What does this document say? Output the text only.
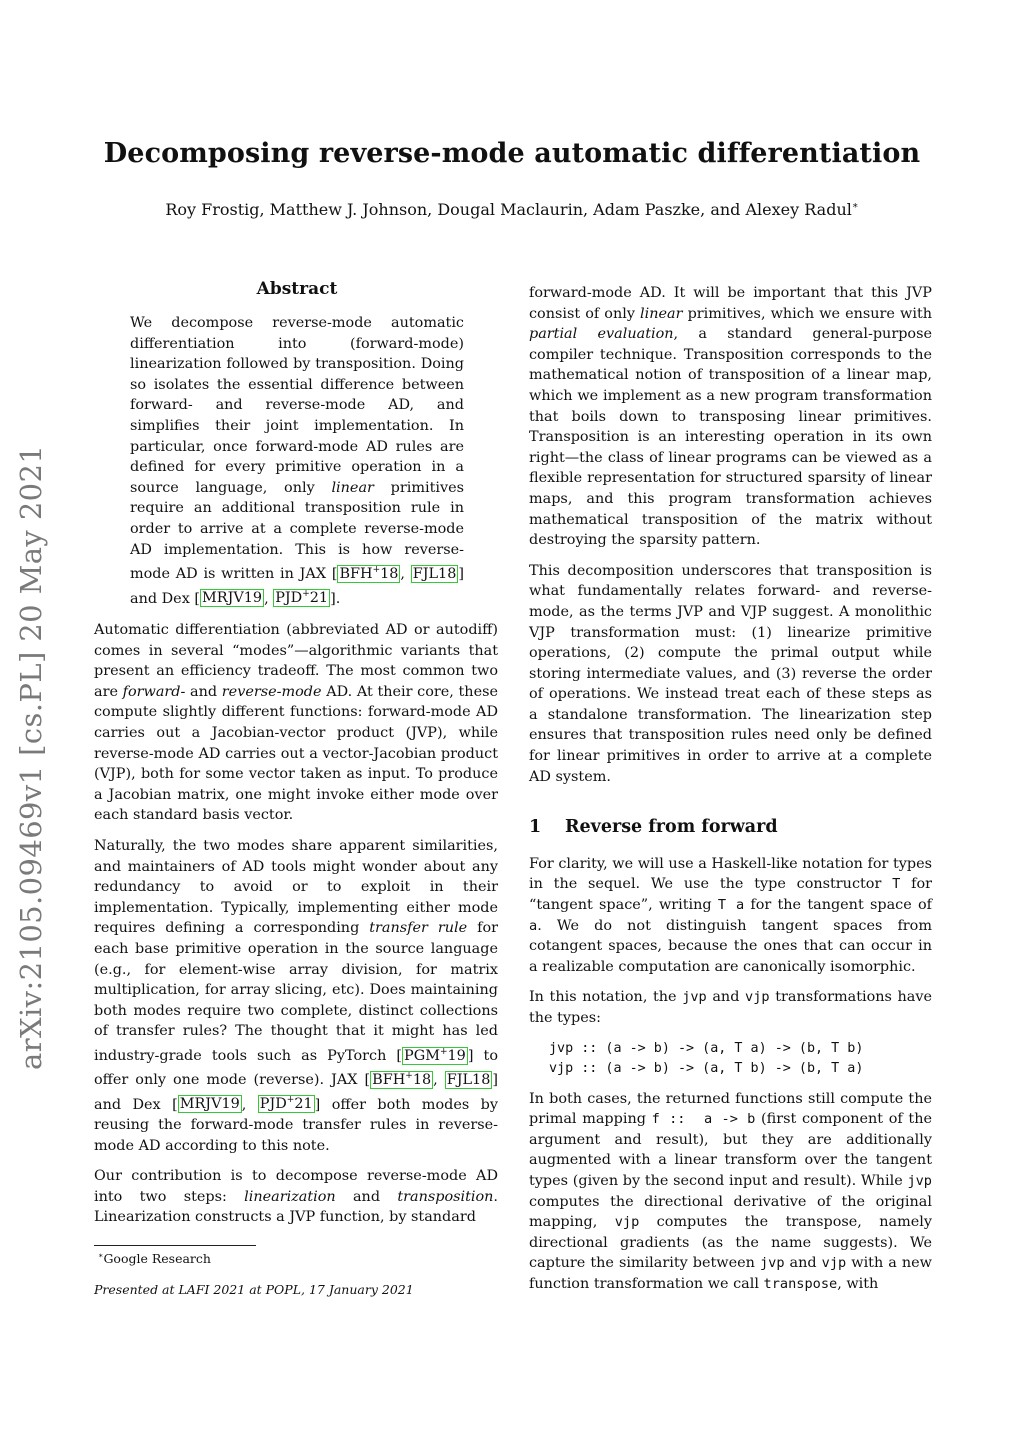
arXiv:2105.09469v1 [cs.PL] 20 May 2021
Decomposing reverse-mode automatic differentiation
Roy Frostig, Matthew J. Johnson, Dougal Maclaurin, Adam Paszke, and Alexey Radul∗
Abstract

We decompose reverse-mode automatic differentiation into (forward-mode) linearization followed by transposition. Doing so isolates the essential difference between forward- and reverse-mode AD, and simplifies their joint implementation. In particular, once forward-mode AD rules are defined for every primitive operation in a source language, only linear primitives require an additional transposition rule in order to arrive at a complete reverse-mode AD implementation. This is how reverse-mode AD is written in JAX [ BFH+18 , FJL18 ] and Dex [ MRJV19 , PJD+21 ].

Automatic differentiation (abbreviated AD or autodiff) comes in several “modes”—algorithmic variants that present an efficiency tradeoff. The most common two are forward- and reverse-mode AD. At their core, these compute slightly different functions: forward-mode AD carries out a Jacobian-vector product (JVP), while reverse-mode AD carries out a vector-Jacobian product (VJP), both for some vector taken as input. To produce a Jacobian matrix, one might invoke either mode over each standard basis vector.

Naturally, the two modes share apparent similarities, and maintainers of AD tools might wonder about any redundancy to avoid or to exploit in their implementation. Typically, implementing either mode requires defining a corresponding transfer rule for each base primitive operation in the source language (e.g., for element-wise array division, for matrix multiplication, for array slicing, etc). Does maintaining both modes require two complete, distinct collections of transfer rules? The thought that it might has led industry-grade tools such as PyTorch [ PGM+19 ] to offer only one mode (reverse). JAX [ BFH+18 , FJL18 ] and Dex [ MRJV19 , PJD+21 ] offer both modes by reusing the forward-mode transfer rules in reverse-mode AD according to this note.

Our contribution is to decompose reverse-mode AD into two steps: linearization and transposition. Linearization constructs a JVP function, by standard

∗Google Research
Presented at LAFI 2021 at POPL, 17 January 2021

forward-mode AD. It will be important that this JVP consist of only linear primitives, which we ensure with partial evaluation, a standard general-purpose compiler technique. Transposition corresponds to the mathematical notion of transposition of a linear map, which we implement as a new program transformation that boils down to transposing linear primitives. Transposition is an interesting operation in its own right—the class of linear programs can be viewed as a flexible representation for structured sparsity of linear maps, and this program transformation achieves mathematical transposition of the matrix without destroying the sparsity pattern.

This decomposition underscores that transposition is what fundamentally relates forward- and reverse-mode, as the terms JVP and VJP suggest. A monolithic VJP transformation must: (1) linearize primitive operations, (2) compute the primal output while storing intermediate values, and (3) reverse the order of operations. We instead treat each of these steps as a standalone transformation. The linearization step ensures that transposition rules need only be defined for linear primitives in order to arrive at a complete AD system.

1 Reverse from forward

For clarity, we will use a Haskell-like notation for types in the sequel. We use the type constructor T for “tangent space”, writing T a for the tangent space of a. We do not distinguish tangent spaces from cotangent spaces, because the ones that can occur in a realizable computation are canonically isomorphic.

In this notation, the jvp and vjp transformations have the types:

jvp :: (a -> b) -> (a, T a) -> (b, T b)
vjp :: (a -> b) -> (a, T b) -> (b, T a)

In both cases, the returned functions still compute the primal mapping f ::  a -> b (first component of the argument and result), but they are additionally augmented with a linear transform over the tangent types (given by the second input and result). While jvp computes the directional derivative of the original mapping, vjp computes the transpose, namely directional gradients (as the name suggests). We capture the similarity between jvp and vjp with a new function transformation we call transpose, with
